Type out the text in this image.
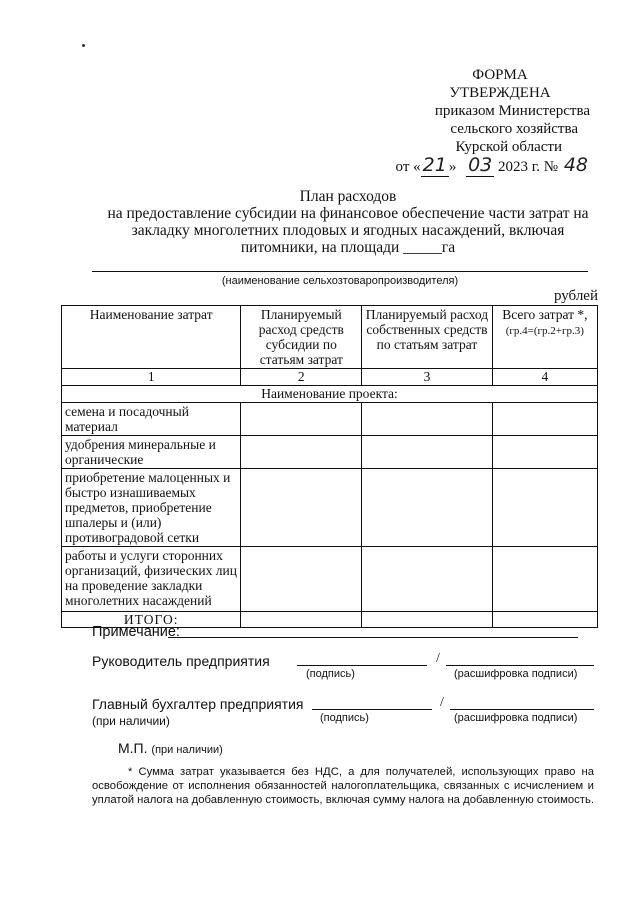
ФОРМА
УТВЕРЖДЕНА
приказом Министерства
сельского хозяйства
Курской области
от « 21 » 03 2023 г. № 48
План расходов
на предоставление субсидии на финансовое обеспечение части затрат на
закладку многолетних плодовых и ягодных насаждений, включая
питомники, на площади _____га
(наименование сельхозтоваропроизводителя)
рублей
Наименование затрат	Планируемый расход средств субсидии по статьям затрат	Планируемый расход собственных средств по статьям затрат	Всего затрат *,
(гр.4=(гр.2+гр.3)
1	2	3	4
Наименование проекта:			
семена и посадочный материал			
удобрения минеральные и органические			
приобретение малоценных и быстро изнашиваемых предметов, приобретение шпалеры и (или) противоградовой сетки			
работы и услуги сторонних организаций, физических лиц на проведение закладки многолетних насаждений			
ИТОГО:			
Примечание:
Руководитель предприятия	/
(подпись)	(расшифровка подписи)
Главный бухгалтер предприятия
(при наличии)
/
(подпись)	(расшифровка подписи)
М.П. (при наличии)
* Сумма затрат указывается без НДС, а для получателей, использующих право на освобождение от исполнения обязанностей налогоплательщика, связанных с исчислением и уплатой налога на добавленную стоимость, включая сумму налога на добавленную стоимость.
